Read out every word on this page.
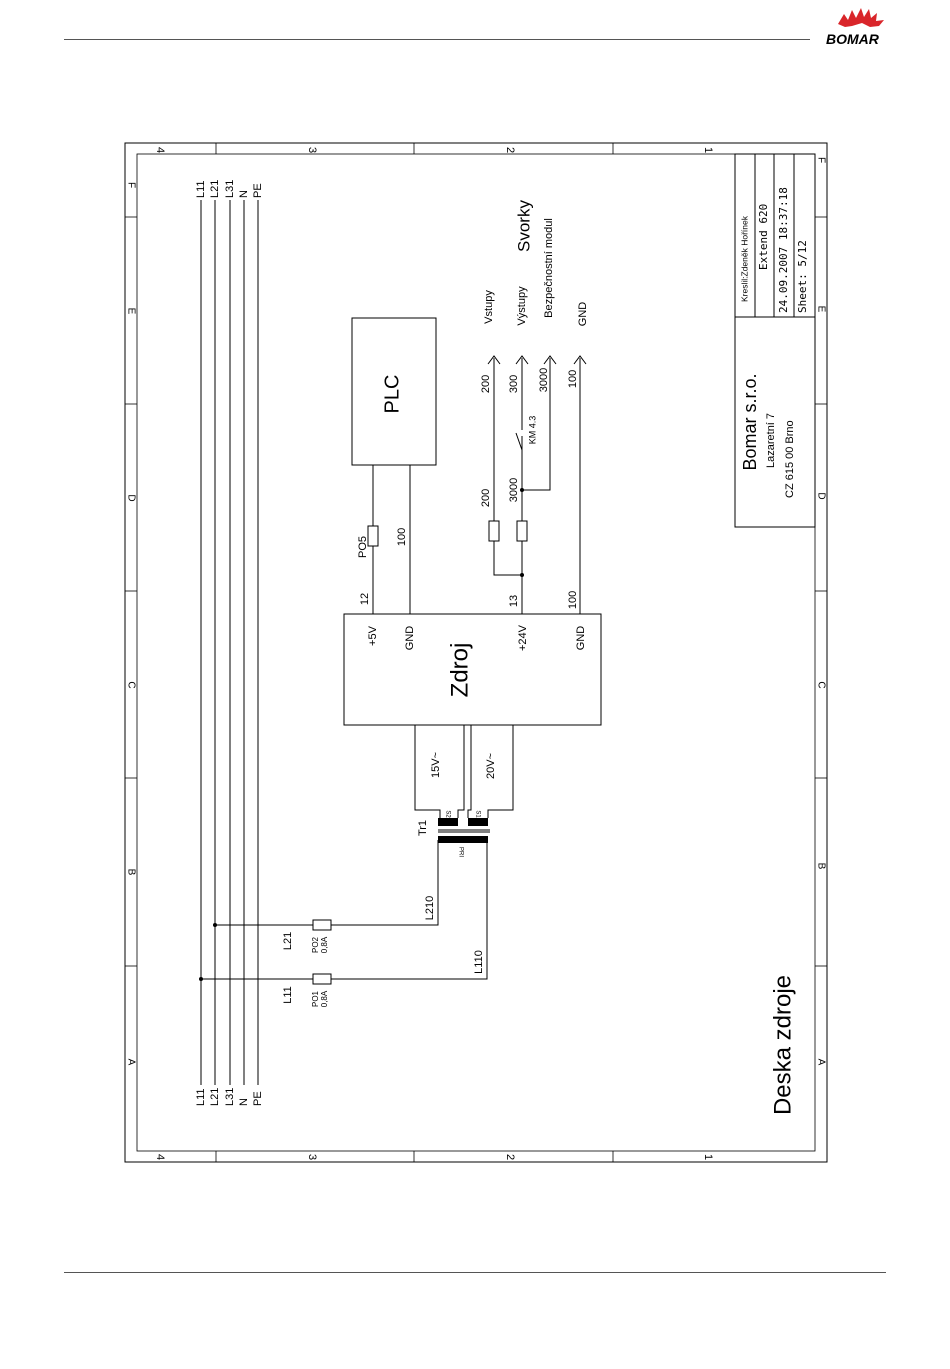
BOMAR
4	3	2	1
4	3	2	1
A
B
C
D
E
F
A
B
C
D
E
F
L11 L21 L31 N PE
L11 L21 L31 N PE
L21
L11
PO2 0,8A
PO1 0,8A
L210
L110
Tr1
PRI
S2	S1
15V~	20V~
Zdroj
+5V GND	+24V	GND
KM 4.3
12
100
13	100
200 3000
200 300 3000 100
PO5
PLC
Vstupy Výstupy Bezpečnostní modul GND
Svorky
Deska zdroje
Bomar s.r.o. Lazaretní 7 CZ 615 00 Brno
Kreslil:Zdeněk Hořínek Extend 620 24.09.2007 18:37:18 Sheet: 5/12
